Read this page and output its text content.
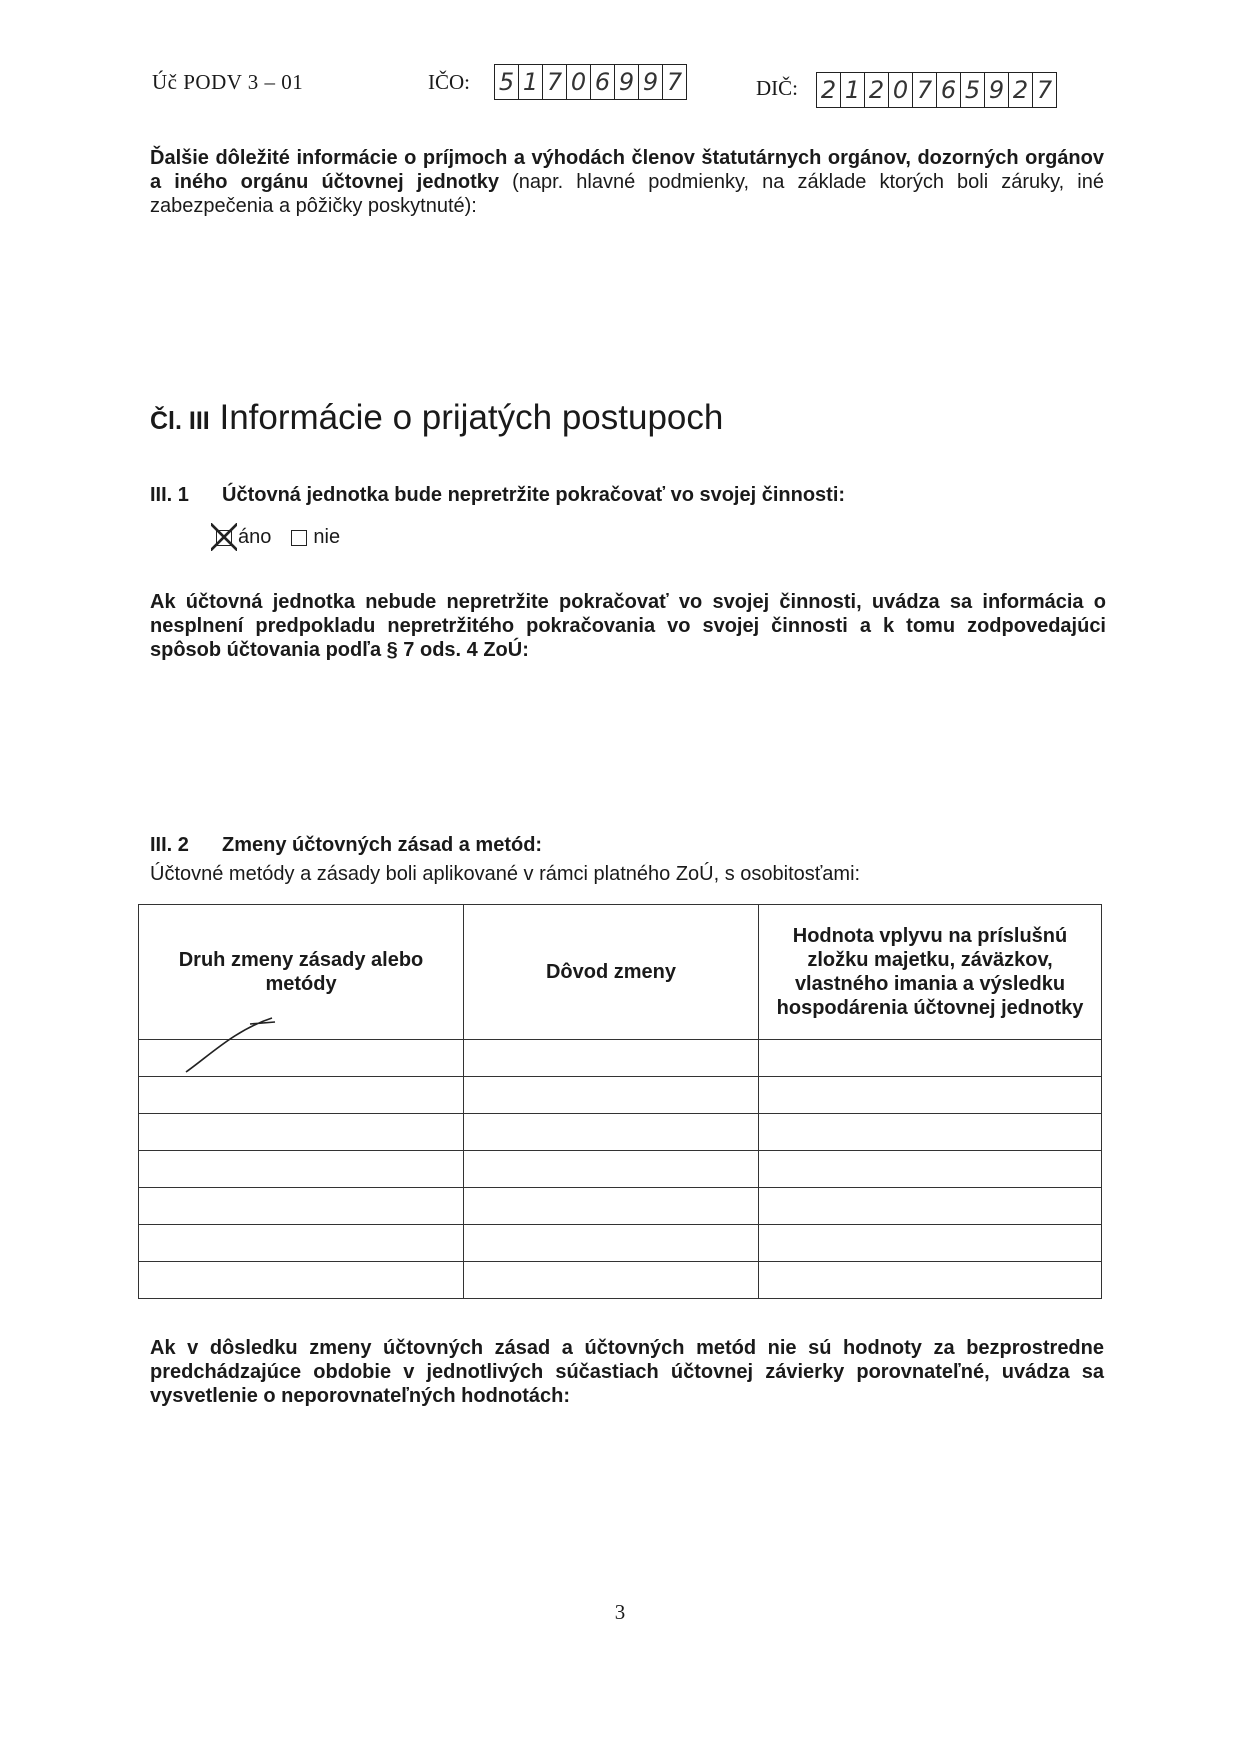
Úč PODV 3 – 01	IČO: 5 1 7 0 6 9 9 7	DIČ: 2 1 2 0 7 6 5 9 2 7
Ďalšie dôležité informácie o príjmoch a výhodách členov štatutárnych orgánov, dozorných orgánov a iného orgánu účtovnej jednotky (napr. hlavné podmienky, na základe ktorých boli záruky, iné zabezpečenia a pôžičky poskytnuté):
Čl. III Informácie o prijatých postupoch
III. 1 Účtovná jednotka bude nepretržite pokračovať vo svojej činnosti:
áno nie
Ak účtovná jednotka nebude nepretržite pokračovať vo svojej činnosti, uvádza sa informácia o nesplnení predpokladu nepretržitého pokračovania vo svojej činnosti a k tomu zodpovedajúci spôsob účtovania podľa § 7 ods. 4 ZoÚ:
III. 2 Zmeny účtovných zásad a metód:
Účtovné metódy a zásady boli aplikované v rámci platného ZoÚ, s osobitosťami:
Druh zmeny zásady alebo metódy	Dôvod zmeny	Hodnota vplyvu na príslušnú zložku majetku, záväzkov, vlastného imania a výsledku hospodárenia účtovnej jednotky

Ak v dôsledku zmeny účtovných zásad a účtovných metód nie sú hodnoty za bezprostredne predchádzajúce obdobie v jednotlivých súčastiach účtovnej závierky porovnateľné, uvádza sa vysvetlenie o neporovnateľných hodnotách:
3
